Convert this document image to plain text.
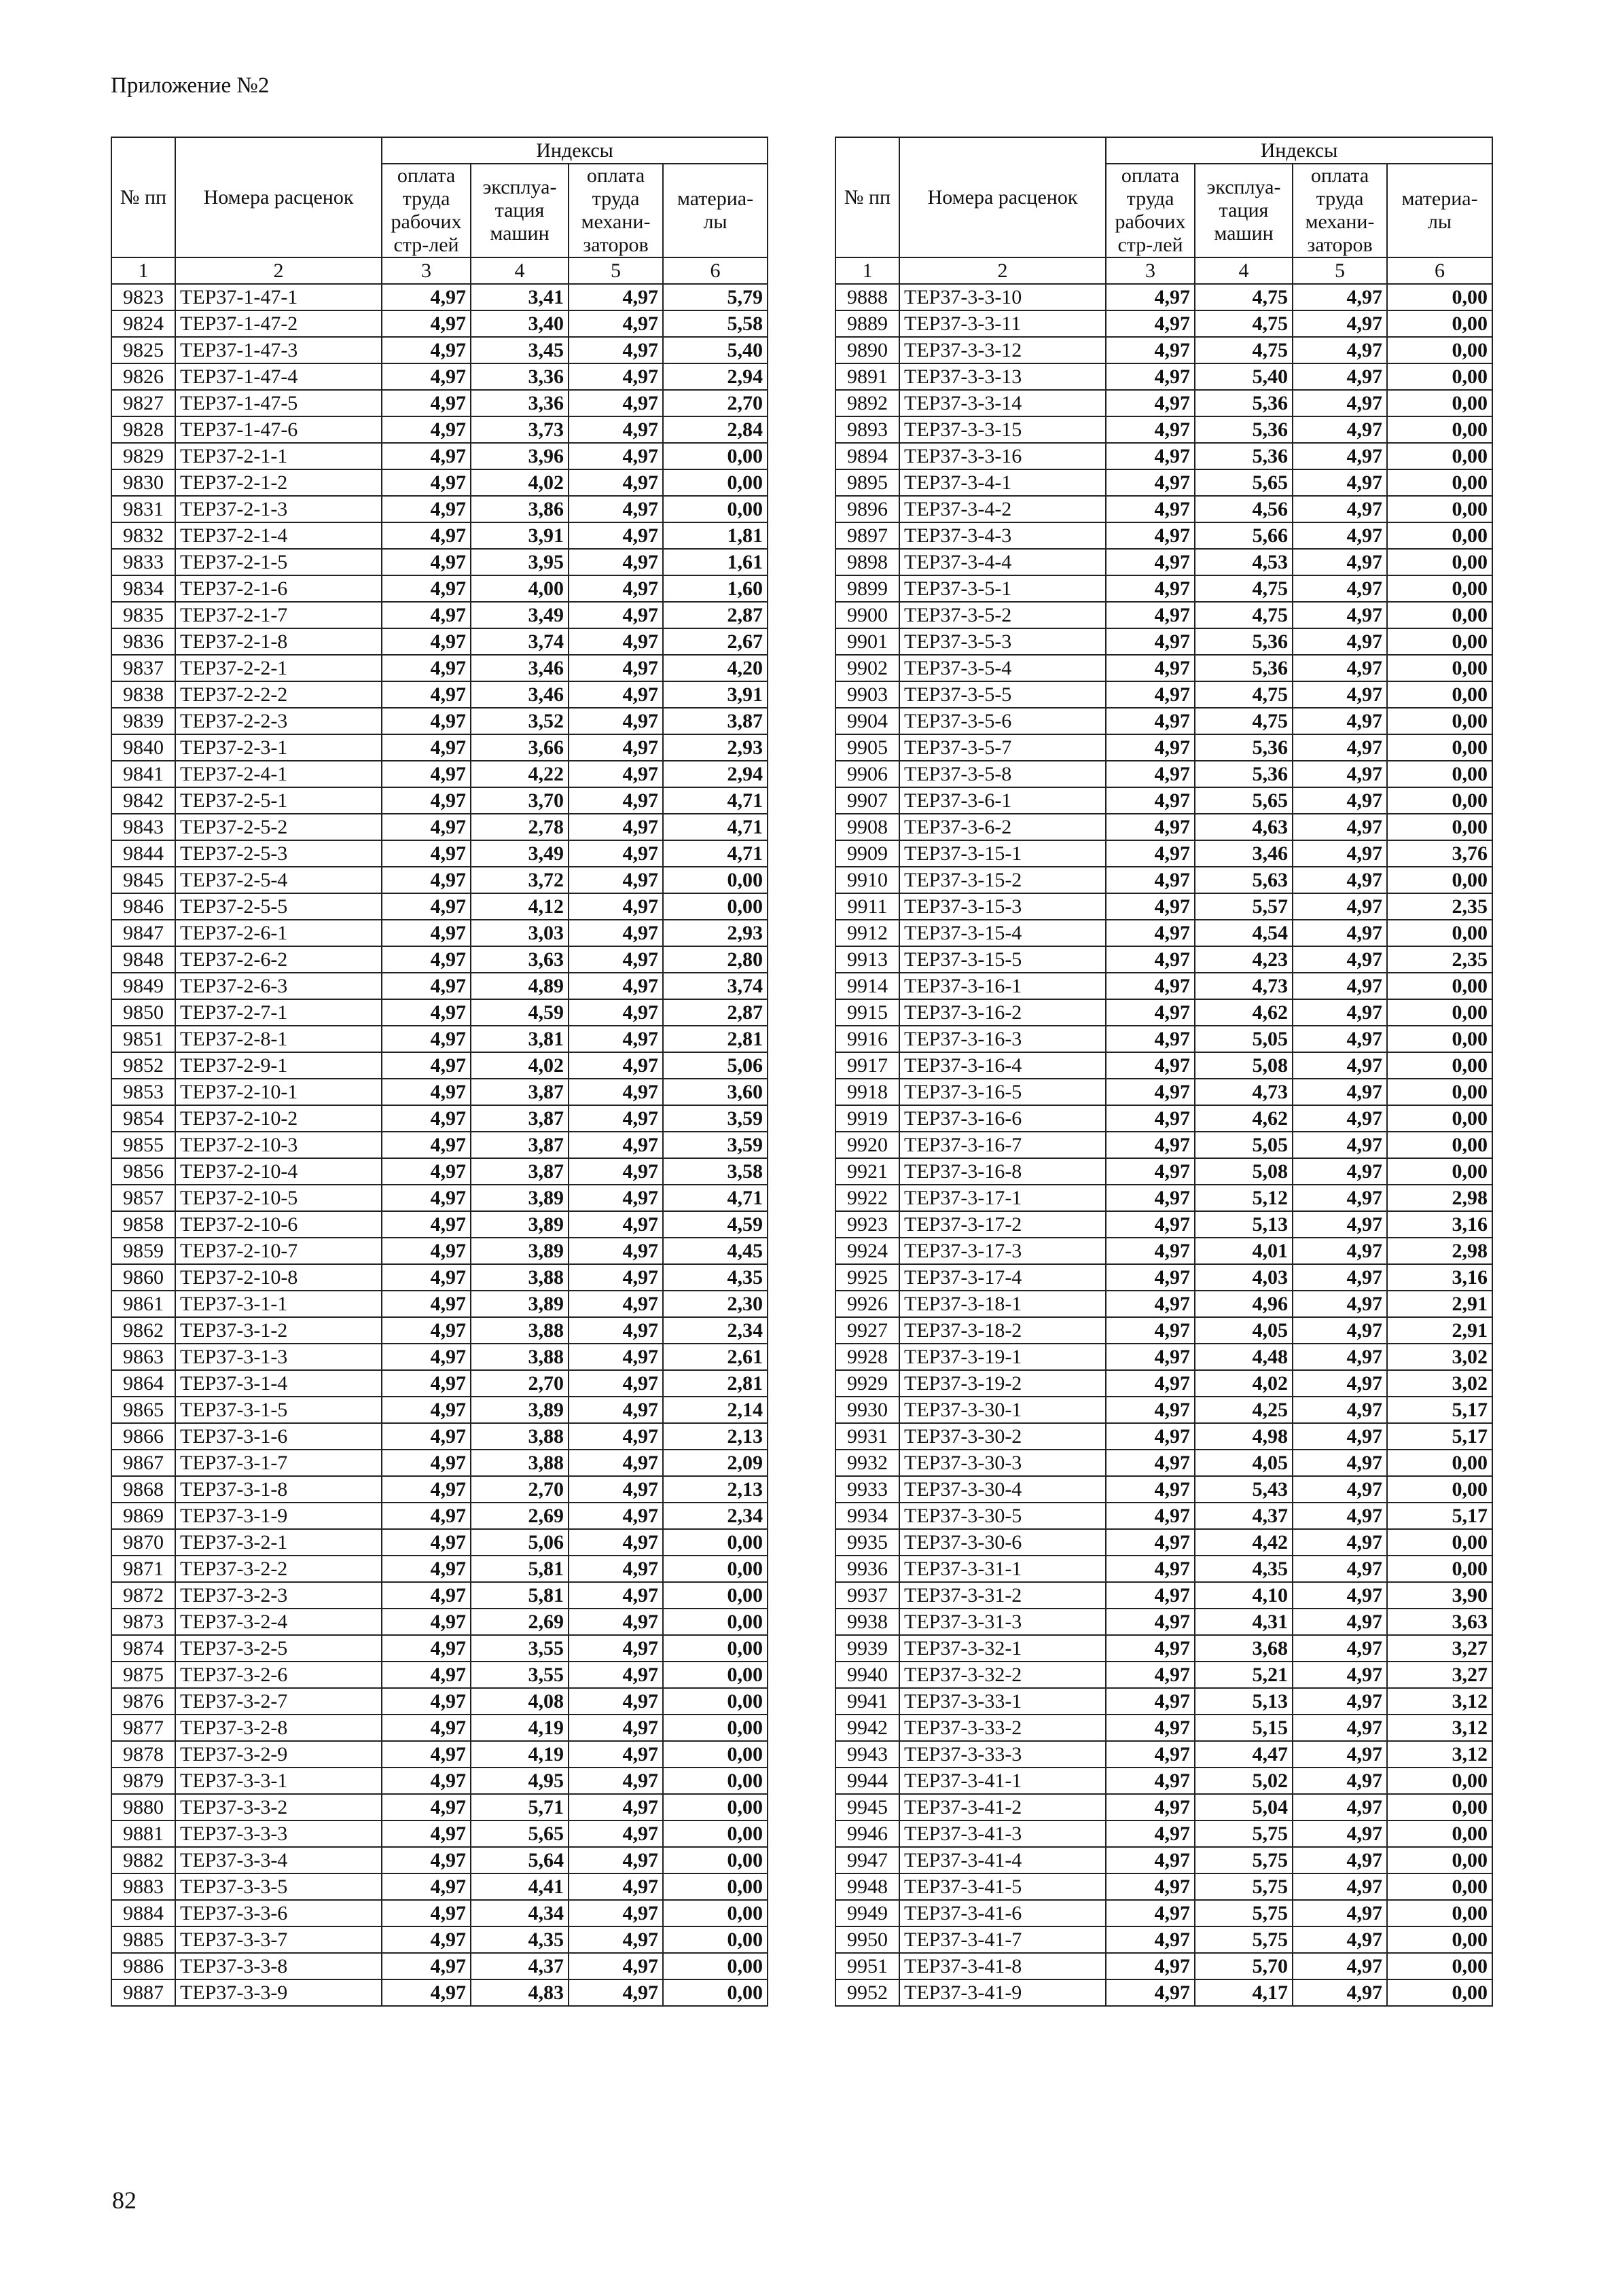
Приложение №2
№ пп	Номера расценок	Индексы			
		оплата труда рабочих стр-лей	эксплуа-тация машин	оплата труда механи-заторов	материа-лы
1	2	3	4	5	6
9823	ТЕР37-1-47-1	4,97	3,41	4,97	5,79
9824	ТЕР37-1-47-2	4,97	3,40	4,97	5,58
9825	ТЕР37-1-47-3	4,97	3,45	4,97	5,40
9826	ТЕР37-1-47-4	4,97	3,36	4,97	2,94
9827	ТЕР37-1-47-5	4,97	3,36	4,97	2,70
9828	ТЕР37-1-47-6	4,97	3,73	4,97	2,84
9829	ТЕР37-2-1-1	4,97	3,96	4,97	0,00
9830	ТЕР37-2-1-2	4,97	4,02	4,97	0,00
9831	ТЕР37-2-1-3	4,97	3,86	4,97	0,00
9832	ТЕР37-2-1-4	4,97	3,91	4,97	1,81
9833	ТЕР37-2-1-5	4,97	3,95	4,97	1,61
9834	ТЕР37-2-1-6	4,97	4,00	4,97	1,60
9835	ТЕР37-2-1-7	4,97	3,49	4,97	2,87
9836	ТЕР37-2-1-8	4,97	3,74	4,97	2,67
9837	ТЕР37-2-2-1	4,97	3,46	4,97	4,20
9838	ТЕР37-2-2-2	4,97	3,46	4,97	3,91
9839	ТЕР37-2-2-3	4,97	3,52	4,97	3,87
9840	ТЕР37-2-3-1	4,97	3,66	4,97	2,93
9841	ТЕР37-2-4-1	4,97	4,22	4,97	2,94
9842	ТЕР37-2-5-1	4,97	3,70	4,97	4,71
9843	ТЕР37-2-5-2	4,97	2,78	4,97	4,71
9844	ТЕР37-2-5-3	4,97	3,49	4,97	4,71
9845	ТЕР37-2-5-4	4,97	3,72	4,97	0,00
9846	ТЕР37-2-5-5	4,97	4,12	4,97	0,00
9847	ТЕР37-2-6-1	4,97	3,03	4,97	2,93
9848	ТЕР37-2-6-2	4,97	3,63	4,97	2,80
9849	ТЕР37-2-6-3	4,97	4,89	4,97	3,74
9850	ТЕР37-2-7-1	4,97	4,59	4,97	2,87
9851	ТЕР37-2-8-1	4,97	3,81	4,97	2,81
9852	ТЕР37-2-9-1	4,97	4,02	4,97	5,06
9853	ТЕР37-2-10-1	4,97	3,87	4,97	3,60
9854	ТЕР37-2-10-2	4,97	3,87	4,97	3,59
9855	ТЕР37-2-10-3	4,97	3,87	4,97	3,59
9856	ТЕР37-2-10-4	4,97	3,87	4,97	3,58
9857	ТЕР37-2-10-5	4,97	3,89	4,97	4,71
9858	ТЕР37-2-10-6	4,97	3,89	4,97	4,59
9859	ТЕР37-2-10-7	4,97	3,89	4,97	4,45
9860	ТЕР37-2-10-8	4,97	3,88	4,97	4,35
9861	ТЕР37-3-1-1	4,97	3,89	4,97	2,30
9862	ТЕР37-3-1-2	4,97	3,88	4,97	2,34
9863	ТЕР37-3-1-3	4,97	3,88	4,97	2,61
9864	ТЕР37-3-1-4	4,97	2,70	4,97	2,81
9865	ТЕР37-3-1-5	4,97	3,89	4,97	2,14
9866	ТЕР37-3-1-6	4,97	3,88	4,97	2,13
9867	ТЕР37-3-1-7	4,97	3,88	4,97	2,09
9868	ТЕР37-3-1-8	4,97	2,70	4,97	2,13
9869	ТЕР37-3-1-9	4,97	2,69	4,97	2,34
9870	ТЕР37-3-2-1	4,97	5,06	4,97	0,00
9871	ТЕР37-3-2-2	4,97	5,81	4,97	0,00
9872	ТЕР37-3-2-3	4,97	5,81	4,97	0,00
9873	ТЕР37-3-2-4	4,97	2,69	4,97	0,00
9874	ТЕР37-3-2-5	4,97	3,55	4,97	0,00
9875	ТЕР37-3-2-6	4,97	3,55	4,97	0,00
9876	ТЕР37-3-2-7	4,97	4,08	4,97	0,00
9877	ТЕР37-3-2-8	4,97	4,19	4,97	0,00
9878	ТЕР37-3-2-9	4,97	4,19	4,97	0,00
9879	ТЕР37-3-3-1	4,97	4,95	4,97	0,00
9880	ТЕР37-3-3-2	4,97	5,71	4,97	0,00
9881	ТЕР37-3-3-3	4,97	5,65	4,97	0,00
9882	ТЕР37-3-3-4	4,97	5,64	4,97	0,00
9883	ТЕР37-3-3-5	4,97	4,41	4,97	0,00
9884	ТЕР37-3-3-6	4,97	4,34	4,97	0,00
9885	ТЕР37-3-3-7	4,97	4,35	4,97	0,00
9886	ТЕР37-3-3-8	4,97	4,37	4,97	0,00
9887	ТЕР37-3-3-9	4,97	4,83	4,97	0,00
№ пп	Номера расценок	Индексы			
		оплата труда рабочих стр-лей	эксплуа-тация машин	оплата труда механи-заторов	материа-лы
1	2	3	4	5	6
9888	ТЕР37-3-3-10	4,97	4,75	4,97	0,00
9889	ТЕР37-3-3-11	4,97	4,75	4,97	0,00
9890	ТЕР37-3-3-12	4,97	4,75	4,97	0,00
9891	ТЕР37-3-3-13	4,97	5,40	4,97	0,00
9892	ТЕР37-3-3-14	4,97	5,36	4,97	0,00
9893	ТЕР37-3-3-15	4,97	5,36	4,97	0,00
9894	ТЕР37-3-3-16	4,97	5,36	4,97	0,00
9895	ТЕР37-3-4-1	4,97	5,65	4,97	0,00
9896	ТЕР37-3-4-2	4,97	4,56	4,97	0,00
9897	ТЕР37-3-4-3	4,97	5,66	4,97	0,00
9898	ТЕР37-3-4-4	4,97	4,53	4,97	0,00
9899	ТЕР37-3-5-1	4,97	4,75	4,97	0,00
9900	ТЕР37-3-5-2	4,97	4,75	4,97	0,00
9901	ТЕР37-3-5-3	4,97	5,36	4,97	0,00
9902	ТЕР37-3-5-4	4,97	5,36	4,97	0,00
9903	ТЕР37-3-5-5	4,97	4,75	4,97	0,00
9904	ТЕР37-3-5-6	4,97	4,75	4,97	0,00
9905	ТЕР37-3-5-7	4,97	5,36	4,97	0,00
9906	ТЕР37-3-5-8	4,97	5,36	4,97	0,00
9907	ТЕР37-3-6-1	4,97	5,65	4,97	0,00
9908	ТЕР37-3-6-2	4,97	4,63	4,97	0,00
9909	ТЕР37-3-15-1	4,97	3,46	4,97	3,76
9910	ТЕР37-3-15-2	4,97	5,63	4,97	0,00
9911	ТЕР37-3-15-3	4,97	5,57	4,97	2,35
9912	ТЕР37-3-15-4	4,97	4,54	4,97	0,00
9913	ТЕР37-3-15-5	4,97	4,23	4,97	2,35
9914	ТЕР37-3-16-1	4,97	4,73	4,97	0,00
9915	ТЕР37-3-16-2	4,97	4,62	4,97	0,00
9916	ТЕР37-3-16-3	4,97	5,05	4,97	0,00
9917	ТЕР37-3-16-4	4,97	5,08	4,97	0,00
9918	ТЕР37-3-16-5	4,97	4,73	4,97	0,00
9919	ТЕР37-3-16-6	4,97	4,62	4,97	0,00
9920	ТЕР37-3-16-7	4,97	5,05	4,97	0,00
9921	ТЕР37-3-16-8	4,97	5,08	4,97	0,00
9922	ТЕР37-3-17-1	4,97	5,12	4,97	2,98
9923	ТЕР37-3-17-2	4,97	5,13	4,97	3,16
9924	ТЕР37-3-17-3	4,97	4,01	4,97	2,98
9925	ТЕР37-3-17-4	4,97	4,03	4,97	3,16
9926	ТЕР37-3-18-1	4,97	4,96	4,97	2,91
9927	ТЕР37-3-18-2	4,97	4,05	4,97	2,91
9928	ТЕР37-3-19-1	4,97	4,48	4,97	3,02
9929	ТЕР37-3-19-2	4,97	4,02	4,97	3,02
9930	ТЕР37-3-30-1	4,97	4,25	4,97	5,17
9931	ТЕР37-3-30-2	4,97	4,98	4,97	5,17
9932	ТЕР37-3-30-3	4,97	4,05	4,97	0,00
9933	ТЕР37-3-30-4	4,97	5,43	4,97	0,00
9934	ТЕР37-3-30-5	4,97	4,37	4,97	5,17
9935	ТЕР37-3-30-6	4,97	4,42	4,97	0,00
9936	ТЕР37-3-31-1	4,97	4,35	4,97	0,00
9937	ТЕР37-3-31-2	4,97	4,10	4,97	3,90
9938	ТЕР37-3-31-3	4,97	4,31	4,97	3,63
9939	ТЕР37-3-32-1	4,97	3,68	4,97	3,27
9940	ТЕР37-3-32-2	4,97	5,21	4,97	3,27
9941	ТЕР37-3-33-1	4,97	5,13	4,97	3,12
9942	ТЕР37-3-33-2	4,97	5,15	4,97	3,12
9943	ТЕР37-3-33-3	4,97	4,47	4,97	3,12
9944	ТЕР37-3-41-1	4,97	5,02	4,97	0,00
9945	ТЕР37-3-41-2	4,97	5,04	4,97	0,00
9946	ТЕР37-3-41-3	4,97	5,75	4,97	0,00
9947	ТЕР37-3-41-4	4,97	5,75	4,97	0,00
9948	ТЕР37-3-41-5	4,97	5,75	4,97	0,00
9949	ТЕР37-3-41-6	4,97	5,75	4,97	0,00
9950	ТЕР37-3-41-7	4,97	5,75	4,97	0,00
9951	ТЕР37-3-41-8	4,97	5,70	4,97	0,00
9952	ТЕР37-3-41-9	4,97	4,17	4,97	0,00
82
